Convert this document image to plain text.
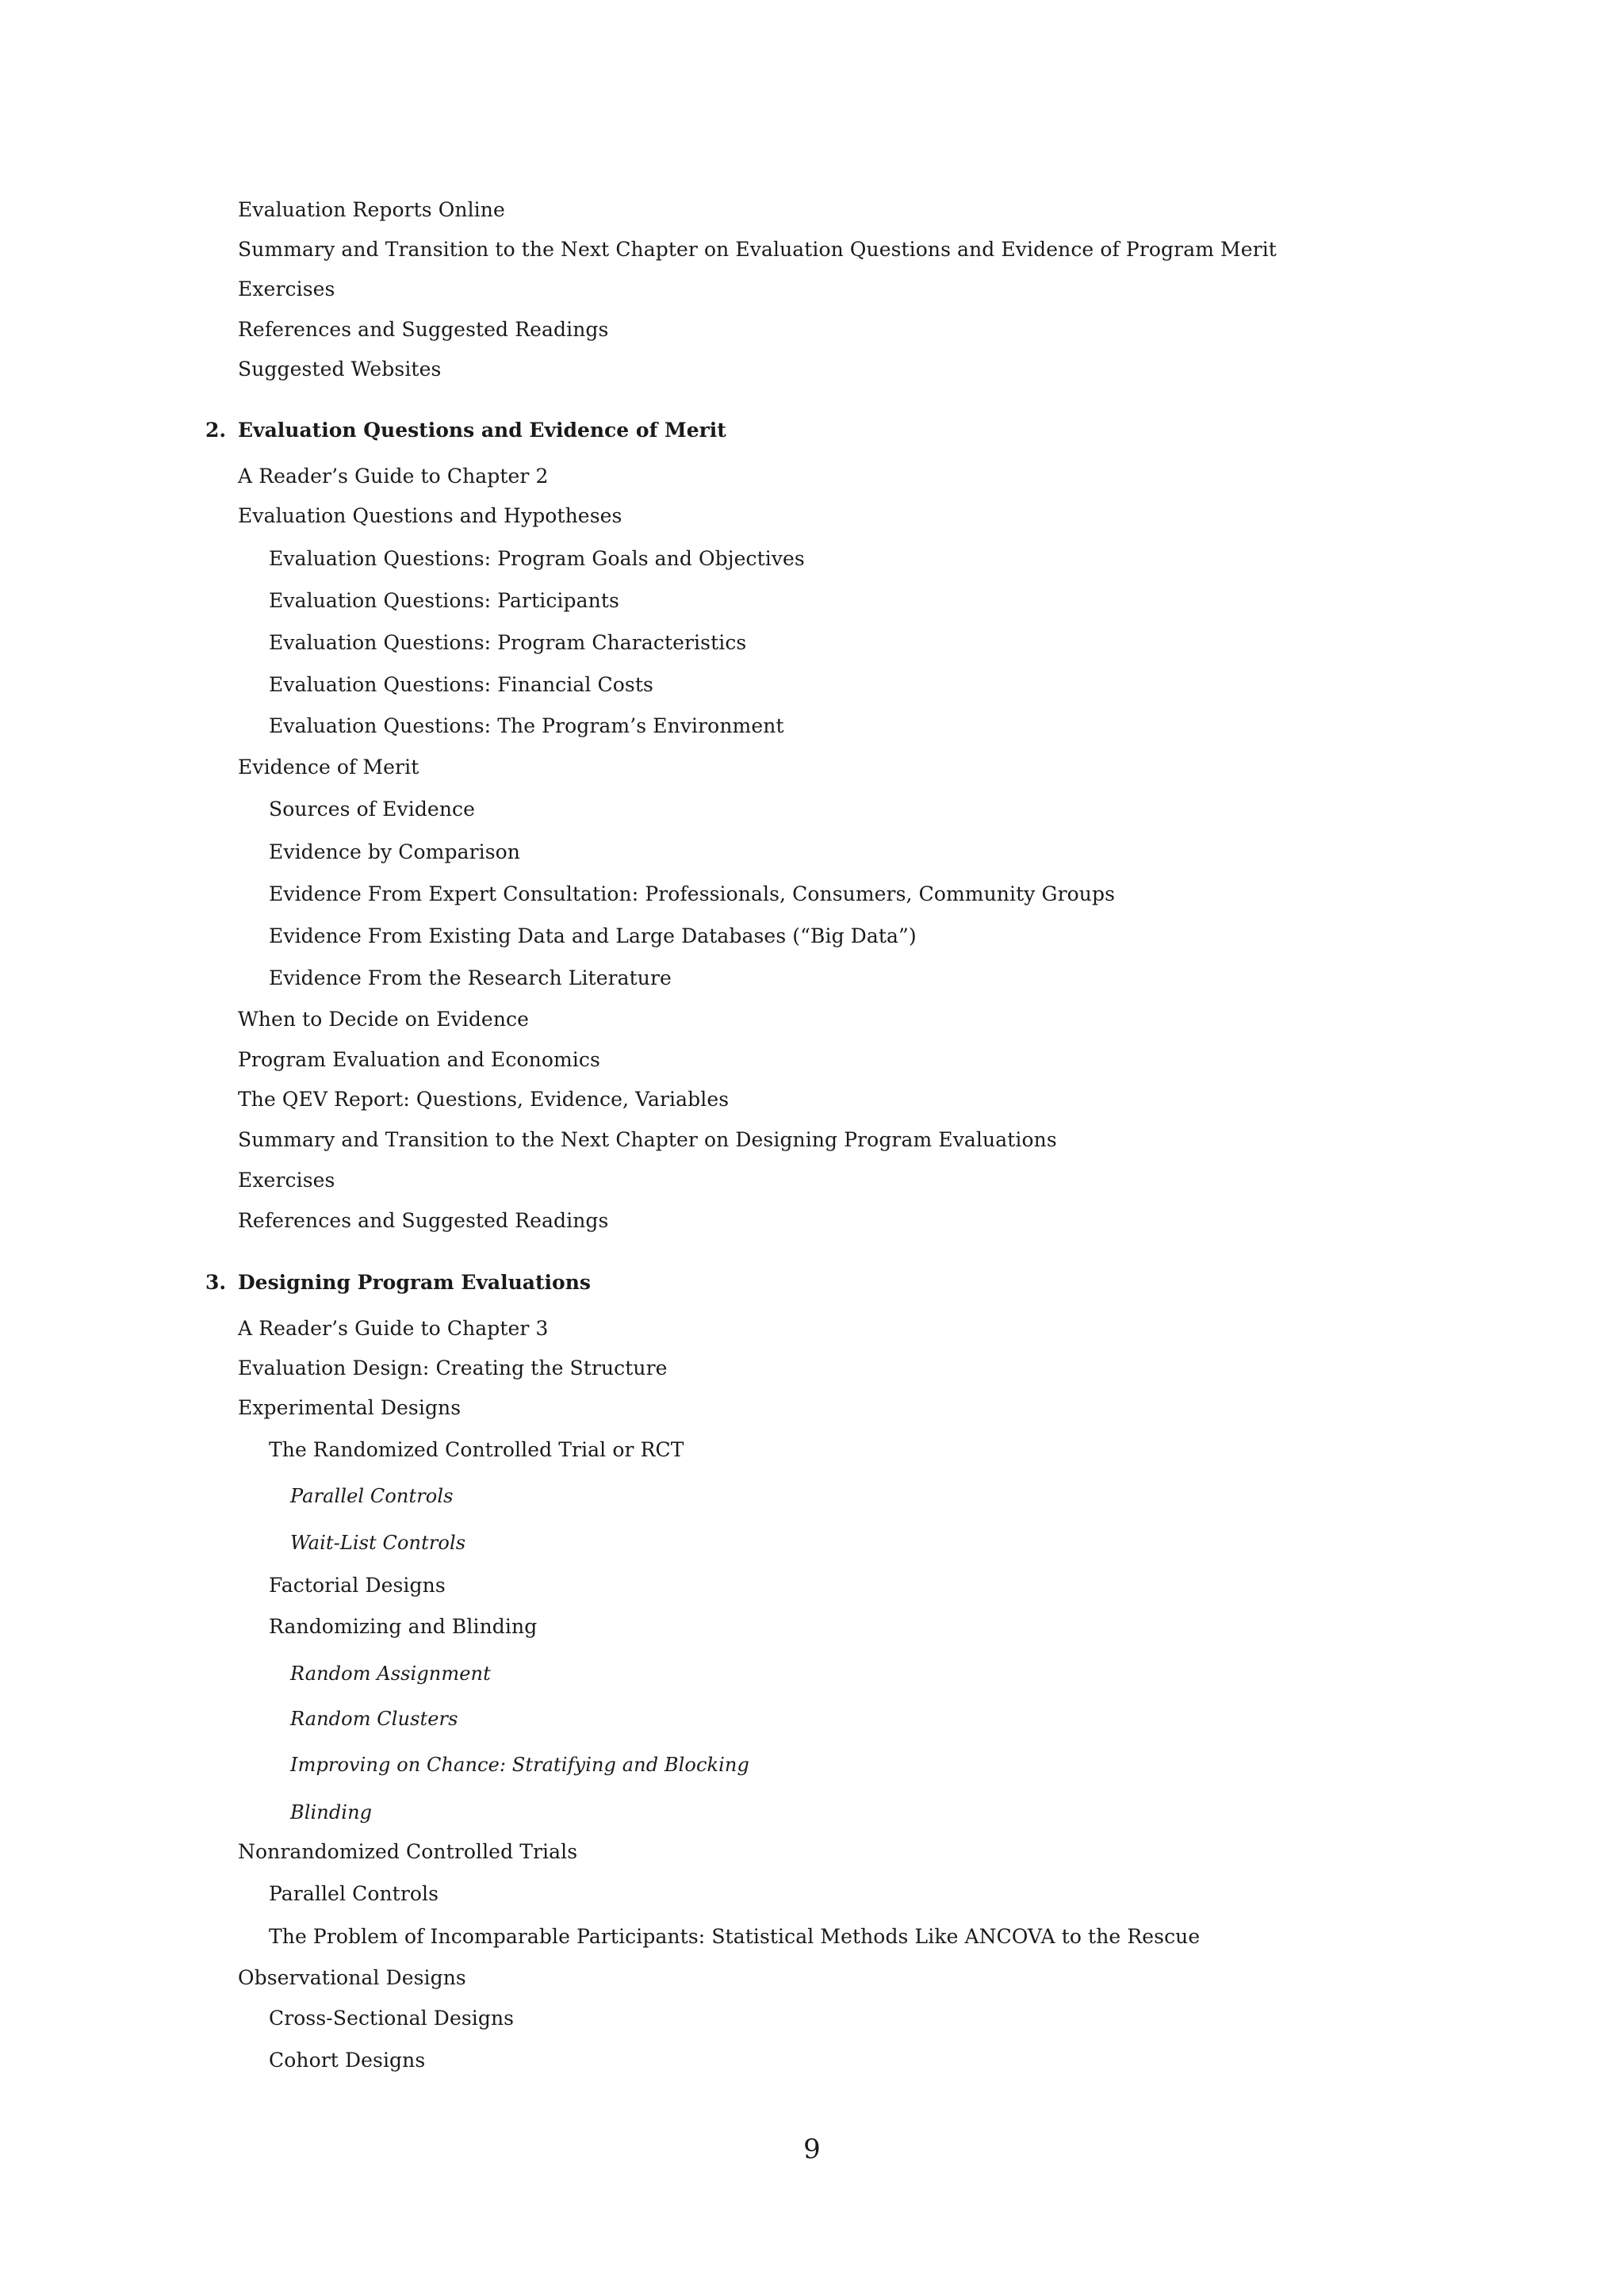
Evaluation Reports Online
Summary and Transition to the Next Chapter on Evaluation Questions and Evidence of Program Merit
Exercises
References and Suggested Readings
Suggested Websites
2. Evaluation Questions and Evidence of Merit
A Reader’s Guide to Chapter 2
Evaluation Questions and Hypotheses
Evaluation Questions: Program Goals and Objectives
Evaluation Questions: Participants
Evaluation Questions: Program Characteristics
Evaluation Questions: Financial Costs
Evaluation Questions: The Program’s Environment
Evidence of Merit
Sources of Evidence
Evidence by Comparison
Evidence From Expert Consultation: Professionals, Consumers, Community Groups
Evidence From Existing Data and Large Databases (“Big Data”)
Evidence From the Research Literature
When to Decide on Evidence
Program Evaluation and Economics
The QEV Report: Questions, Evidence, Variables
Summary and Transition to the Next Chapter on Designing Program Evaluations
Exercises
References and Suggested Readings
3. Designing Program Evaluations
A Reader’s Guide to Chapter 3
Evaluation Design: Creating the Structure
Experimental Designs
The Randomized Controlled Trial or RCT
Parallel Controls
Wait-List Controls
Factorial Designs
Randomizing and Blinding
Random Assignment
Random Clusters
Improving on Chance: Stratifying and Blocking
Blinding
Nonrandomized Controlled Trials
Parallel Controls
The Problem of Incomparable Participants: Statistical Methods Like ANCOVA to the Rescue
Observational Designs
Cross-Sectional Designs
Cohort Designs
9
